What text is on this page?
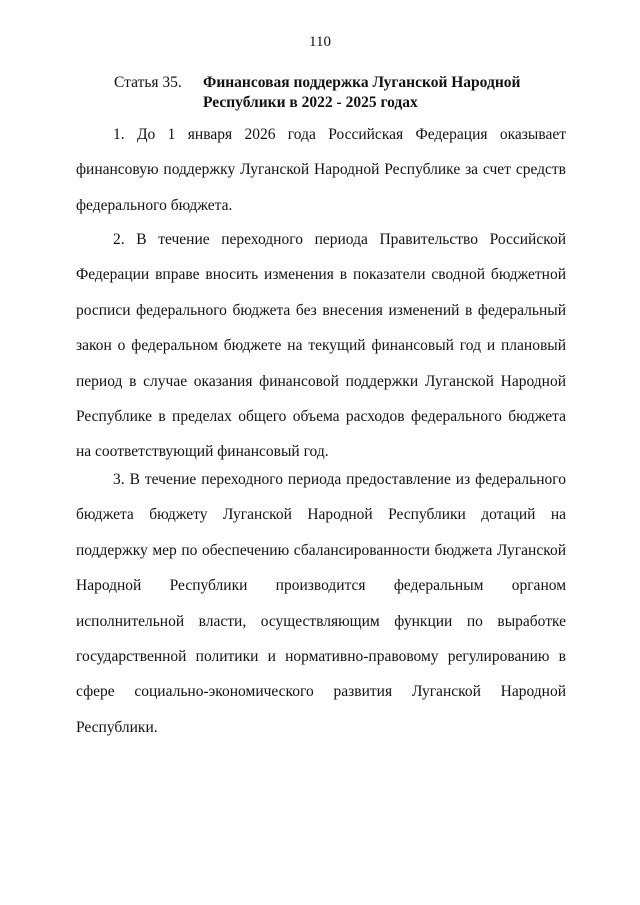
110
Статья 35. Финансовая поддержка Луганской Народной Республики в 2022 - 2025 годах

1. До 1 января 2026 года Российская Федерация оказывает финансовую поддержку Луганской Народной Республике за счет средств федерального бюджета.

2. В течение переходного периода Правительство Российской Федерации вправе вносить изменения в показатели сводной бюджетной росписи федерального бюджета без внесения изменений в федеральный закон о федеральном бюджете на текущий финансовый год и плановый период в случае оказания финансовой поддержки Луганской Народной Республике в пределах общего объема расходов федерального бюджета на соответствующий финансовый год.

3. В течение переходного периода предоставление из федерального бюджета бюджету Луганской Народной Республики дотаций на поддержку мер по обеспечению сбалансированности бюджета Луганской Народной Республики производится федеральным органом исполнительной власти, осуществляющим функции по выработке государственной политики и нормативно-правовому регулированию в сфере социально-экономического развития Луганской Народной Республики.
